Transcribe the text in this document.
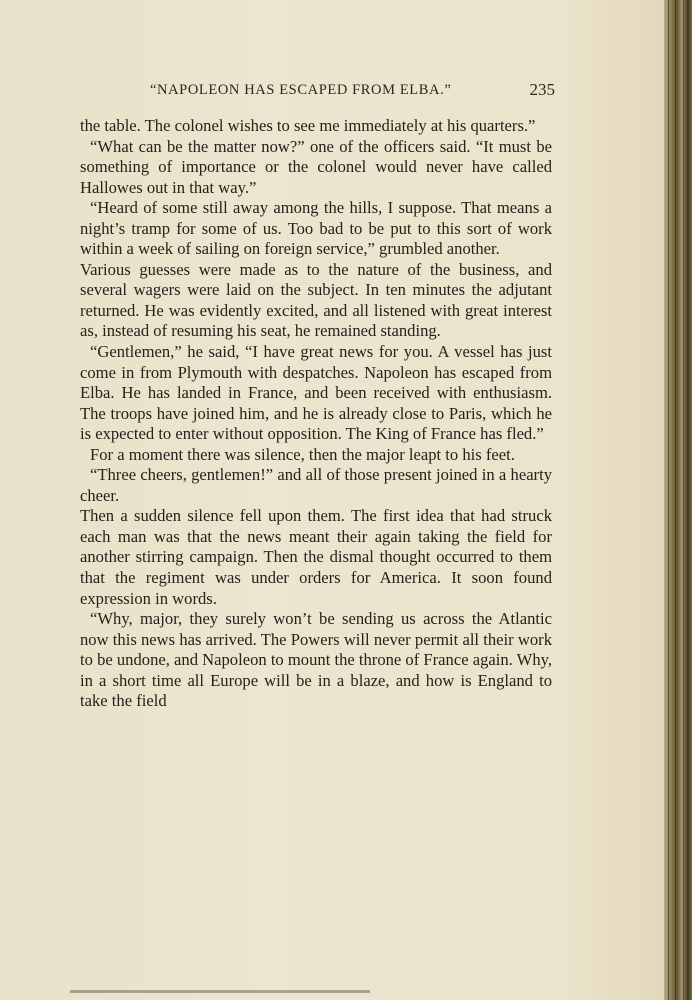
“NAPOLEON HAS ESCAPED FROM ELBA.”	235

the table. The colonel wishes to see me immediately at his quarters.”

“What can be the matter now?” one of the officers said. “It must be something of importance or the colonel would never have called Hallowes out in that way.”

“Heard of some still away among the hills, I suppose. That means a night’s tramp for some of us. Too bad to be put to this sort of work within a week of sailing on foreign service,” grumbled another.

Various guesses were made as to the nature of the business, and several wagers were laid on the subject. In ten minutes the adjutant returned. He was evidently excited, and all listened with great interest as, instead of resuming his seat, he remained standing.

“Gentlemen,” he said, “I have great news for you. A vessel has just come in from Plymouth with despatches. Napoleon has escaped from Elba. He has landed in France, and been received with enthusiasm. The troops have joined him, and he is already close to Paris, which he is expected to enter without opposition. The King of France has fled.”

For a moment there was silence, then the major leapt to his feet.

“Three cheers, gentlemen!” and all of those present joined in a hearty cheer.

Then a sudden silence fell upon them. The first idea that had struck each man was that the news meant their again taking the field for another stirring campaign. Then the dismal thought occurred to them that the regiment was under orders for America. It soon found expression in words.

“Why, major, they surely won’t be sending us across the Atlantic now this news has arrived. The Powers will never permit all their work to be undone, and Napoleon to mount the throne of France again. Why, in a short time all Europe will be in a blaze, and how is England to take the field
